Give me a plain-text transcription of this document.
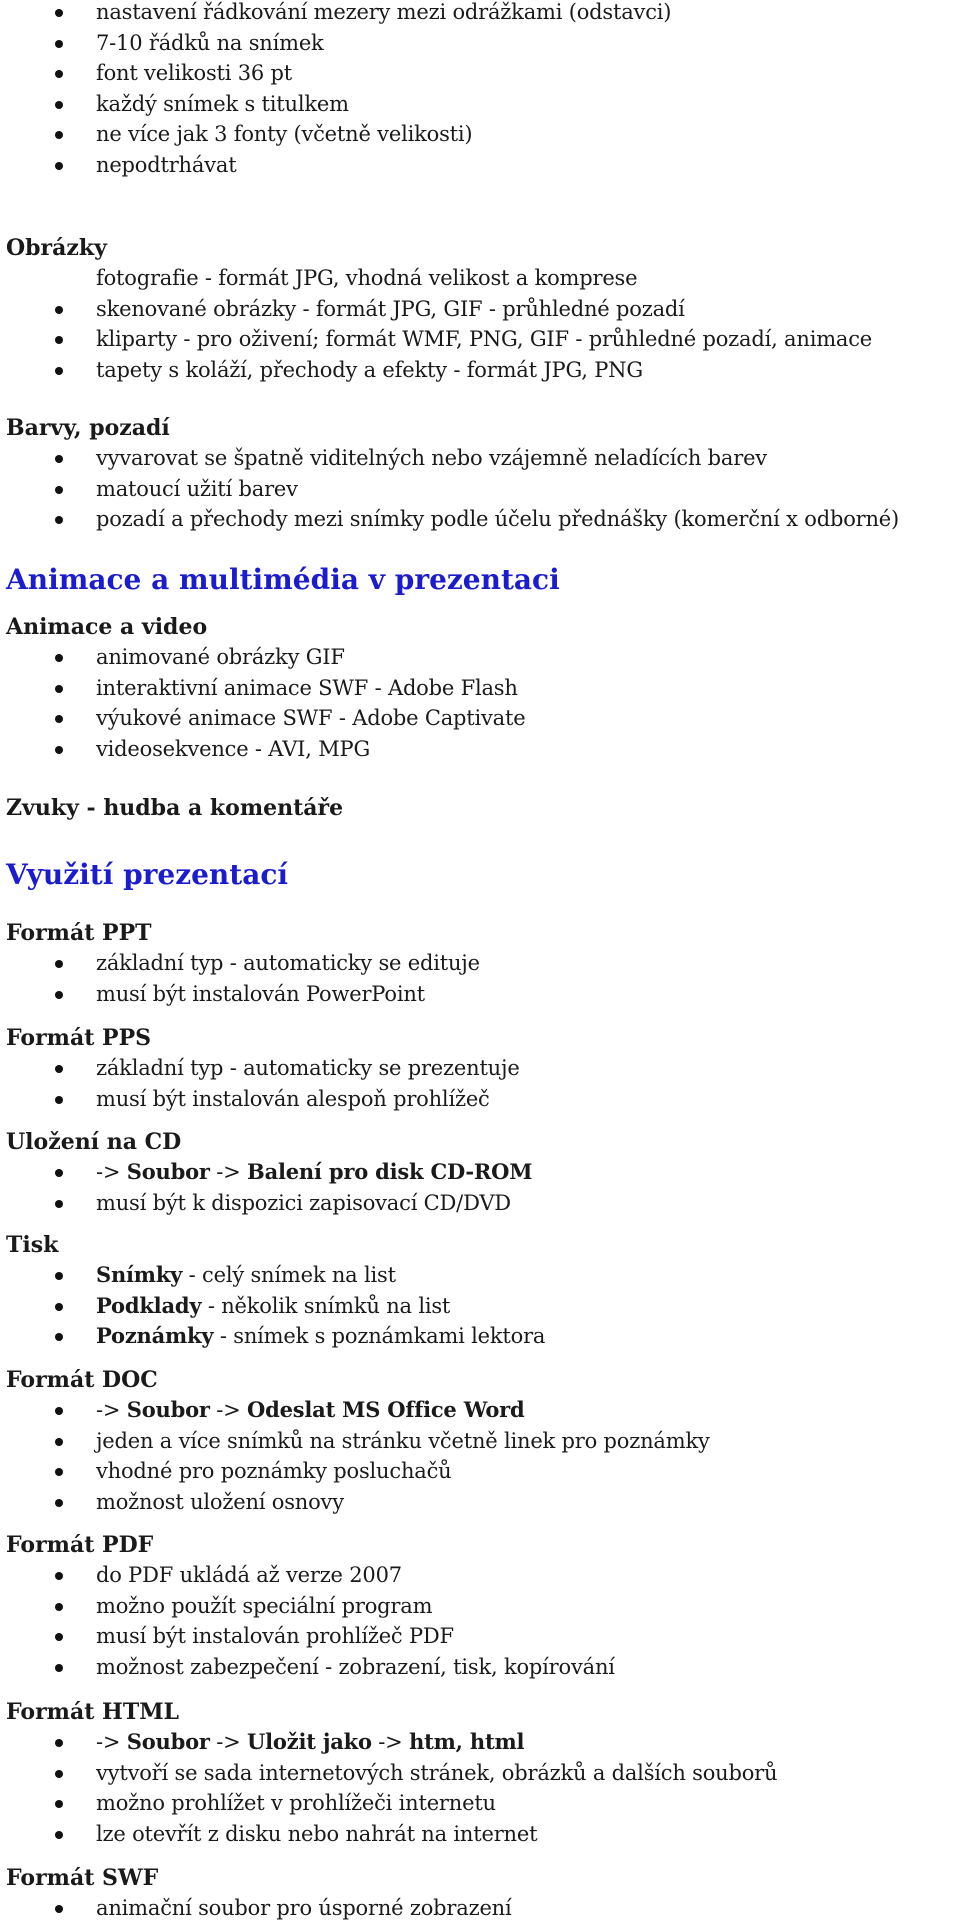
nastavení řádkování mezery mezi odrážkami (odstavci)
7-10 řádků na snímek
font velikosti 36 pt
každý snímek s titulkem
ne více jak 3 fonty (včetně velikosti)
nepodtrhávat
Obrázky
fotografie - formát JPG, vhodná velikost a komprese
skenované obrázky - formát JPG, GIF - průhledné pozadí
kliparty - pro oživení; formát WMF, PNG, GIF - průhledné pozadí, animace
tapety s koláží, přechody a efekty - formát JPG, PNG
Barvy, pozadí
vyvarovat se špatně viditelných nebo vzájemně neladících barev
matoucí užití barev
pozadí a přechody mezi snímky podle účelu přednášky (komerční x odborné)
Animace a multimédia v prezentaci
Animace a video
animované obrázky GIF
interaktivní animace SWF - Adobe Flash
výukové animace SWF - Adobe Captivate
videosekvence - AVI, MPG
Zvuky - hudba a komentáře
Využití prezentací
Formát PPT
základní typ - automaticky se edituje
musí být instalován PowerPoint
Formát PPS
základní typ - automaticky se prezentuje
musí být instalován alespoň prohlížeč
Uložení na CD
-> Soubor -> Balení pro disk CD-ROM
musí být k dispozici zapisovací CD/DVD
Tisk
Snímky - celý snímek na list
Podklady - několik snímků na list
Poznámky - snímek s poznámkami lektora
Formát DOC
-> Soubor -> Odeslat MS Office Word
jeden a více snímků na stránku včetně linek pro poznámky
vhodné pro poznámky posluchačů
možnost uložení osnovy
Formát PDF
do PDF ukládá až verze 2007
možno použít speciální program
musí být instalován prohlížeč PDF
možnost zabezpečení - zobrazení, tisk, kopírování
Formát HTML
-> Soubor -> Uložit jako -> htm, html
vytvoří se sada internetových stránek, obrázků a dalších souborů
možno prohlížet v prohlížeči internetu
lze otevřít z disku nebo nahrát na internet
Formát SWF
animační soubor pro úsporné zobrazení
